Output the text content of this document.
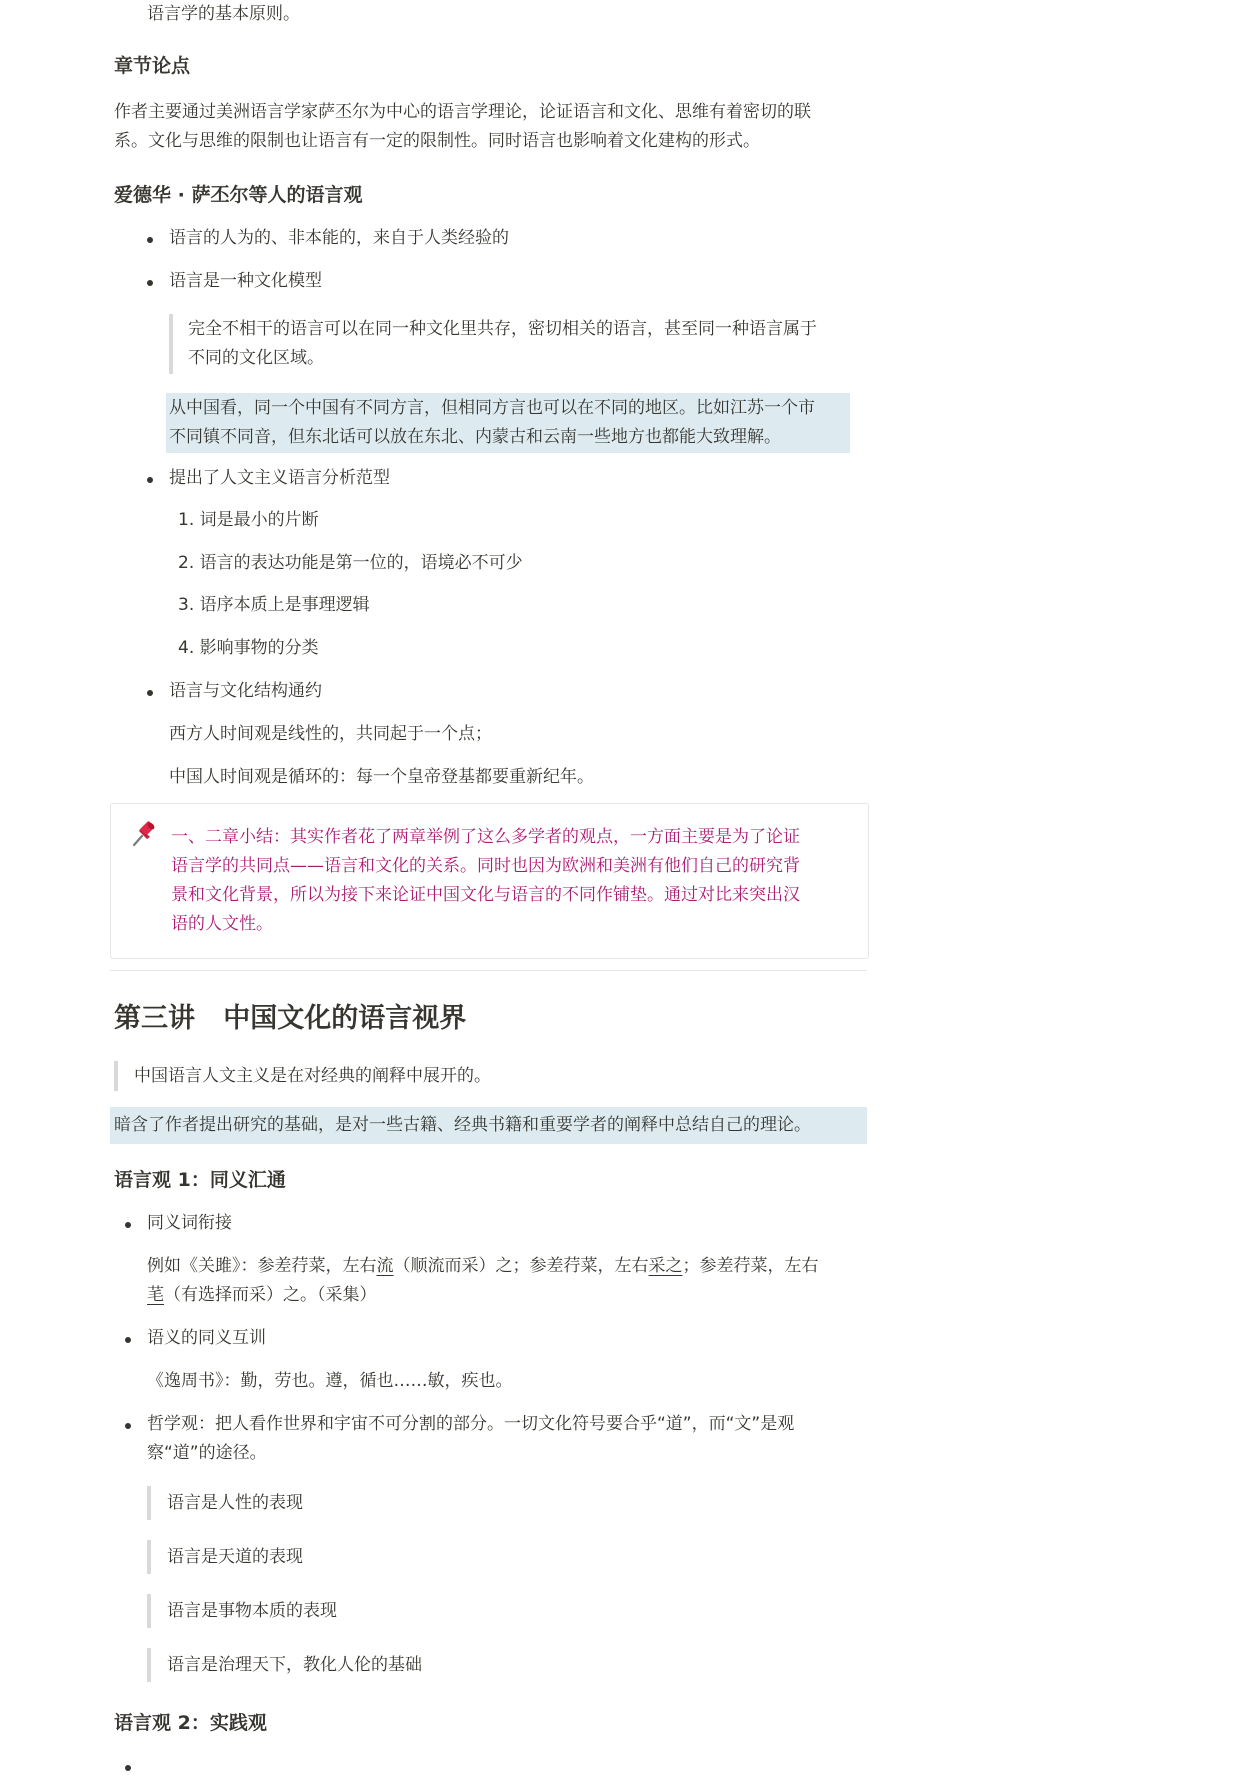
语言学的基本原则。
章节论点
作者主要通过美洲语言学家萨丕尔为中心的语言学理论，论证语言和文化、思维有着密切的联
系。文化与思维的限制也让语言有一定的限制性。同时语言也影响着文化建构的形式。
爱德华 · 萨丕尔等人的语言观
语言的人为的、非本能的，来自于人类经验的
语言是一种文化模型
完全不相干的语言可以在同一种文化里共存，密切相关的语言，甚至同一种语言属于
不同的文化区域。
从中国看，同一个中国有不同方言，但相同方言也可以在不同的地区。比如江苏一个市
不同镇不同音，但东北话可以放在东北、内蒙古和云南一些地方也都能大致理解。
提出了人文主义语言分析范型
1. 词是最小的片断
2. 语言的表达功能是第一位的，语境必不可少
3. 语序本质上是事理逻辑
4. 影响事物的分类
语言与文化结构通约
西方人时间观是线性的，共同起于一个点；
中国人时间观是循环的：每一个皇帝登基都要重新纪年。
一、二章小结：其实作者花了两章举例了这么多学者的观点，一方面主要是为了论证
语言学的共同点——语言和文化的关系。同时也因为欧洲和美洲有他们自己的研究背
景和文化背景，所以为接下来论证中国文化与语言的不同作铺垫。通过对比来突出汉
语的人文性。
第三讲   中国文化的语言视界
中国语言人文主义是在对经典的阐释中展开的。
暗含了作者提出研究的基础，是对一些古籍、经典书籍和重要学者的阐释中总结自己的理论。
语言观 1：同义汇通
同义词衔接
例如《关雎》：参差荇菜，左右流（顺流而采）之；参差荇菜，左右采之；参差荇菜，左右
芼（有选择而采）之。（采集）
语义的同义互训
《逸周书》：勤，劳也。遵，循也……敏，疾也。
哲学观：把人看作世界和宇宙不可分割的部分。一切文化符号要合乎“道”，而“文”是观
察“道”的途径。
语言是人性的表现
语言是天道的表现
语言是事物本质的表现
语言是治理天下，教化人伦的基础
语言观 2：实践观
